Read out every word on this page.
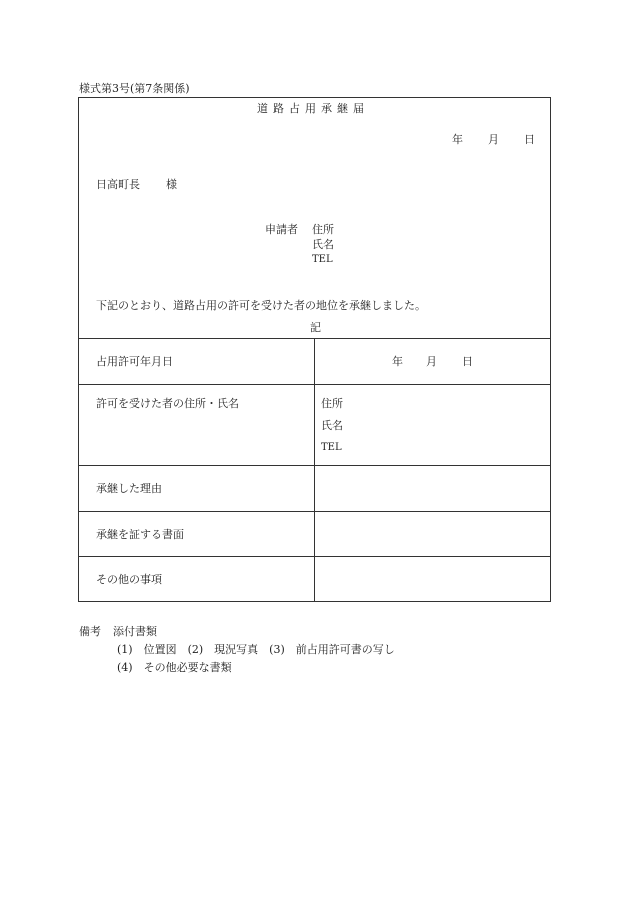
様式第3号(第7条関係)
道路占用承継届
年 月 日
日高町長 様
申請者 住所
氏名
TEL
下記のとおり、道路占用の許可を受けた者の地位を承継しました。
記
占用許可年月日	年 月 日
許可を受けた者の住所・氏名	住所
氏名
TEL
承継した理由
承継を証する書面
その他の事項
備考 添付書類
(1)　位置図　(2)　現況写真　(3)　前占用許可書の写し
(4)　その他必要な書類
